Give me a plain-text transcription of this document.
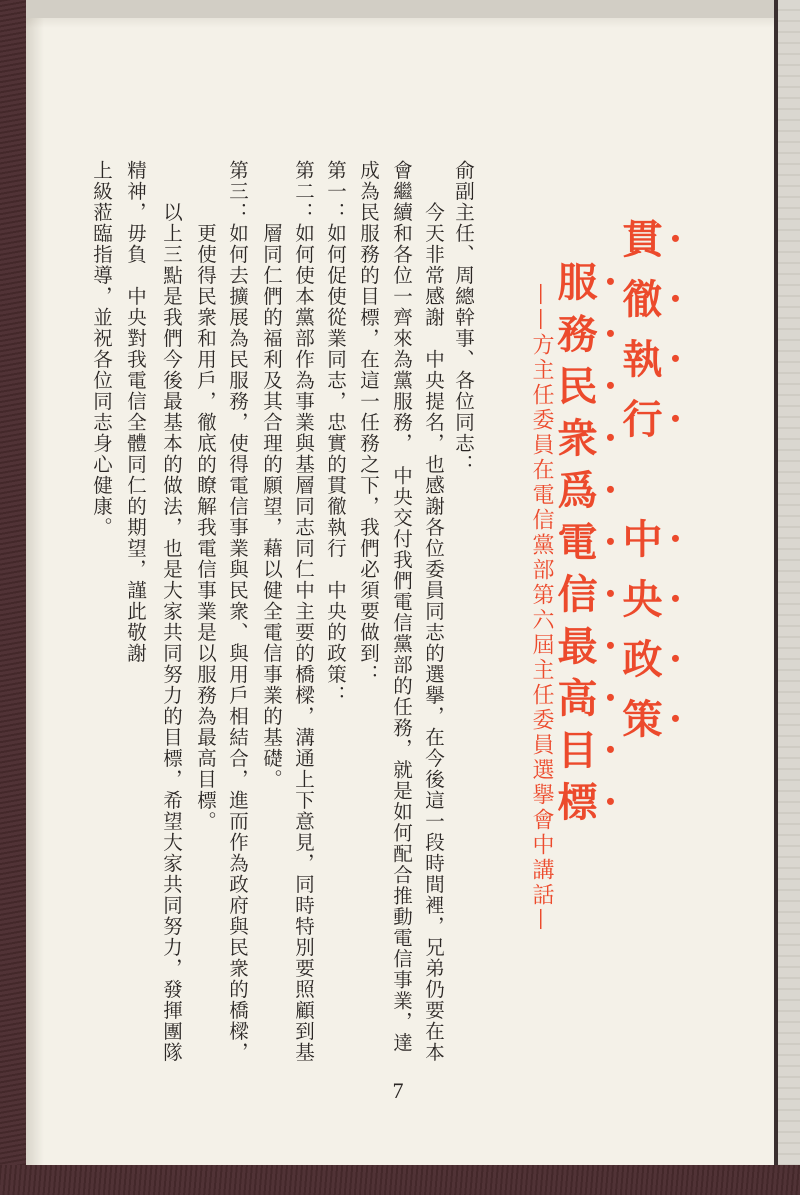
貫徹執行　中央政策

服務民衆爲電信最高目標

——方主任委員在電信黨部第六屆主任委員選擧會中講話—

俞副主任、周總幹事、各位同志：

今天非常感謝　中央提名，也感謝各位委員同志的選擧，在今後這一段時間裡，兄弟仍要在本

會繼續和各位一齊來為黨服務，　中央交付我們電信黨部的任務，就是如何配合推動電信事業，達

成為民服務的目標，在這一任務之下，我們必須要做到：

第一：如何促使從業同志，忠實的貫徹執行　中央的政策：

第二：如何使本黨部作為事業與基層同志同仁中主要的橋樑，溝通上下意見，同時特別要照顧到基

層同仁們的福利及其合理的願望，藉以健全電信事業的基礎。

第三：如何去擴展為民服務，使得電信事業與民衆、與用戶相結合，進而作為政府與民衆的橋樑，

更使得民衆和用戶，徹底的瞭解我電信事業是以服務為最高目標。

以上三點是我們今後最基本的做法，也是大家共同努力的目標，希望大家共同努力，發揮團隊

精神，毋負　中央對我電信全體同仁的期望，謹此敬謝

上級蒞臨指導，並祝各位同志身心健康。

7
